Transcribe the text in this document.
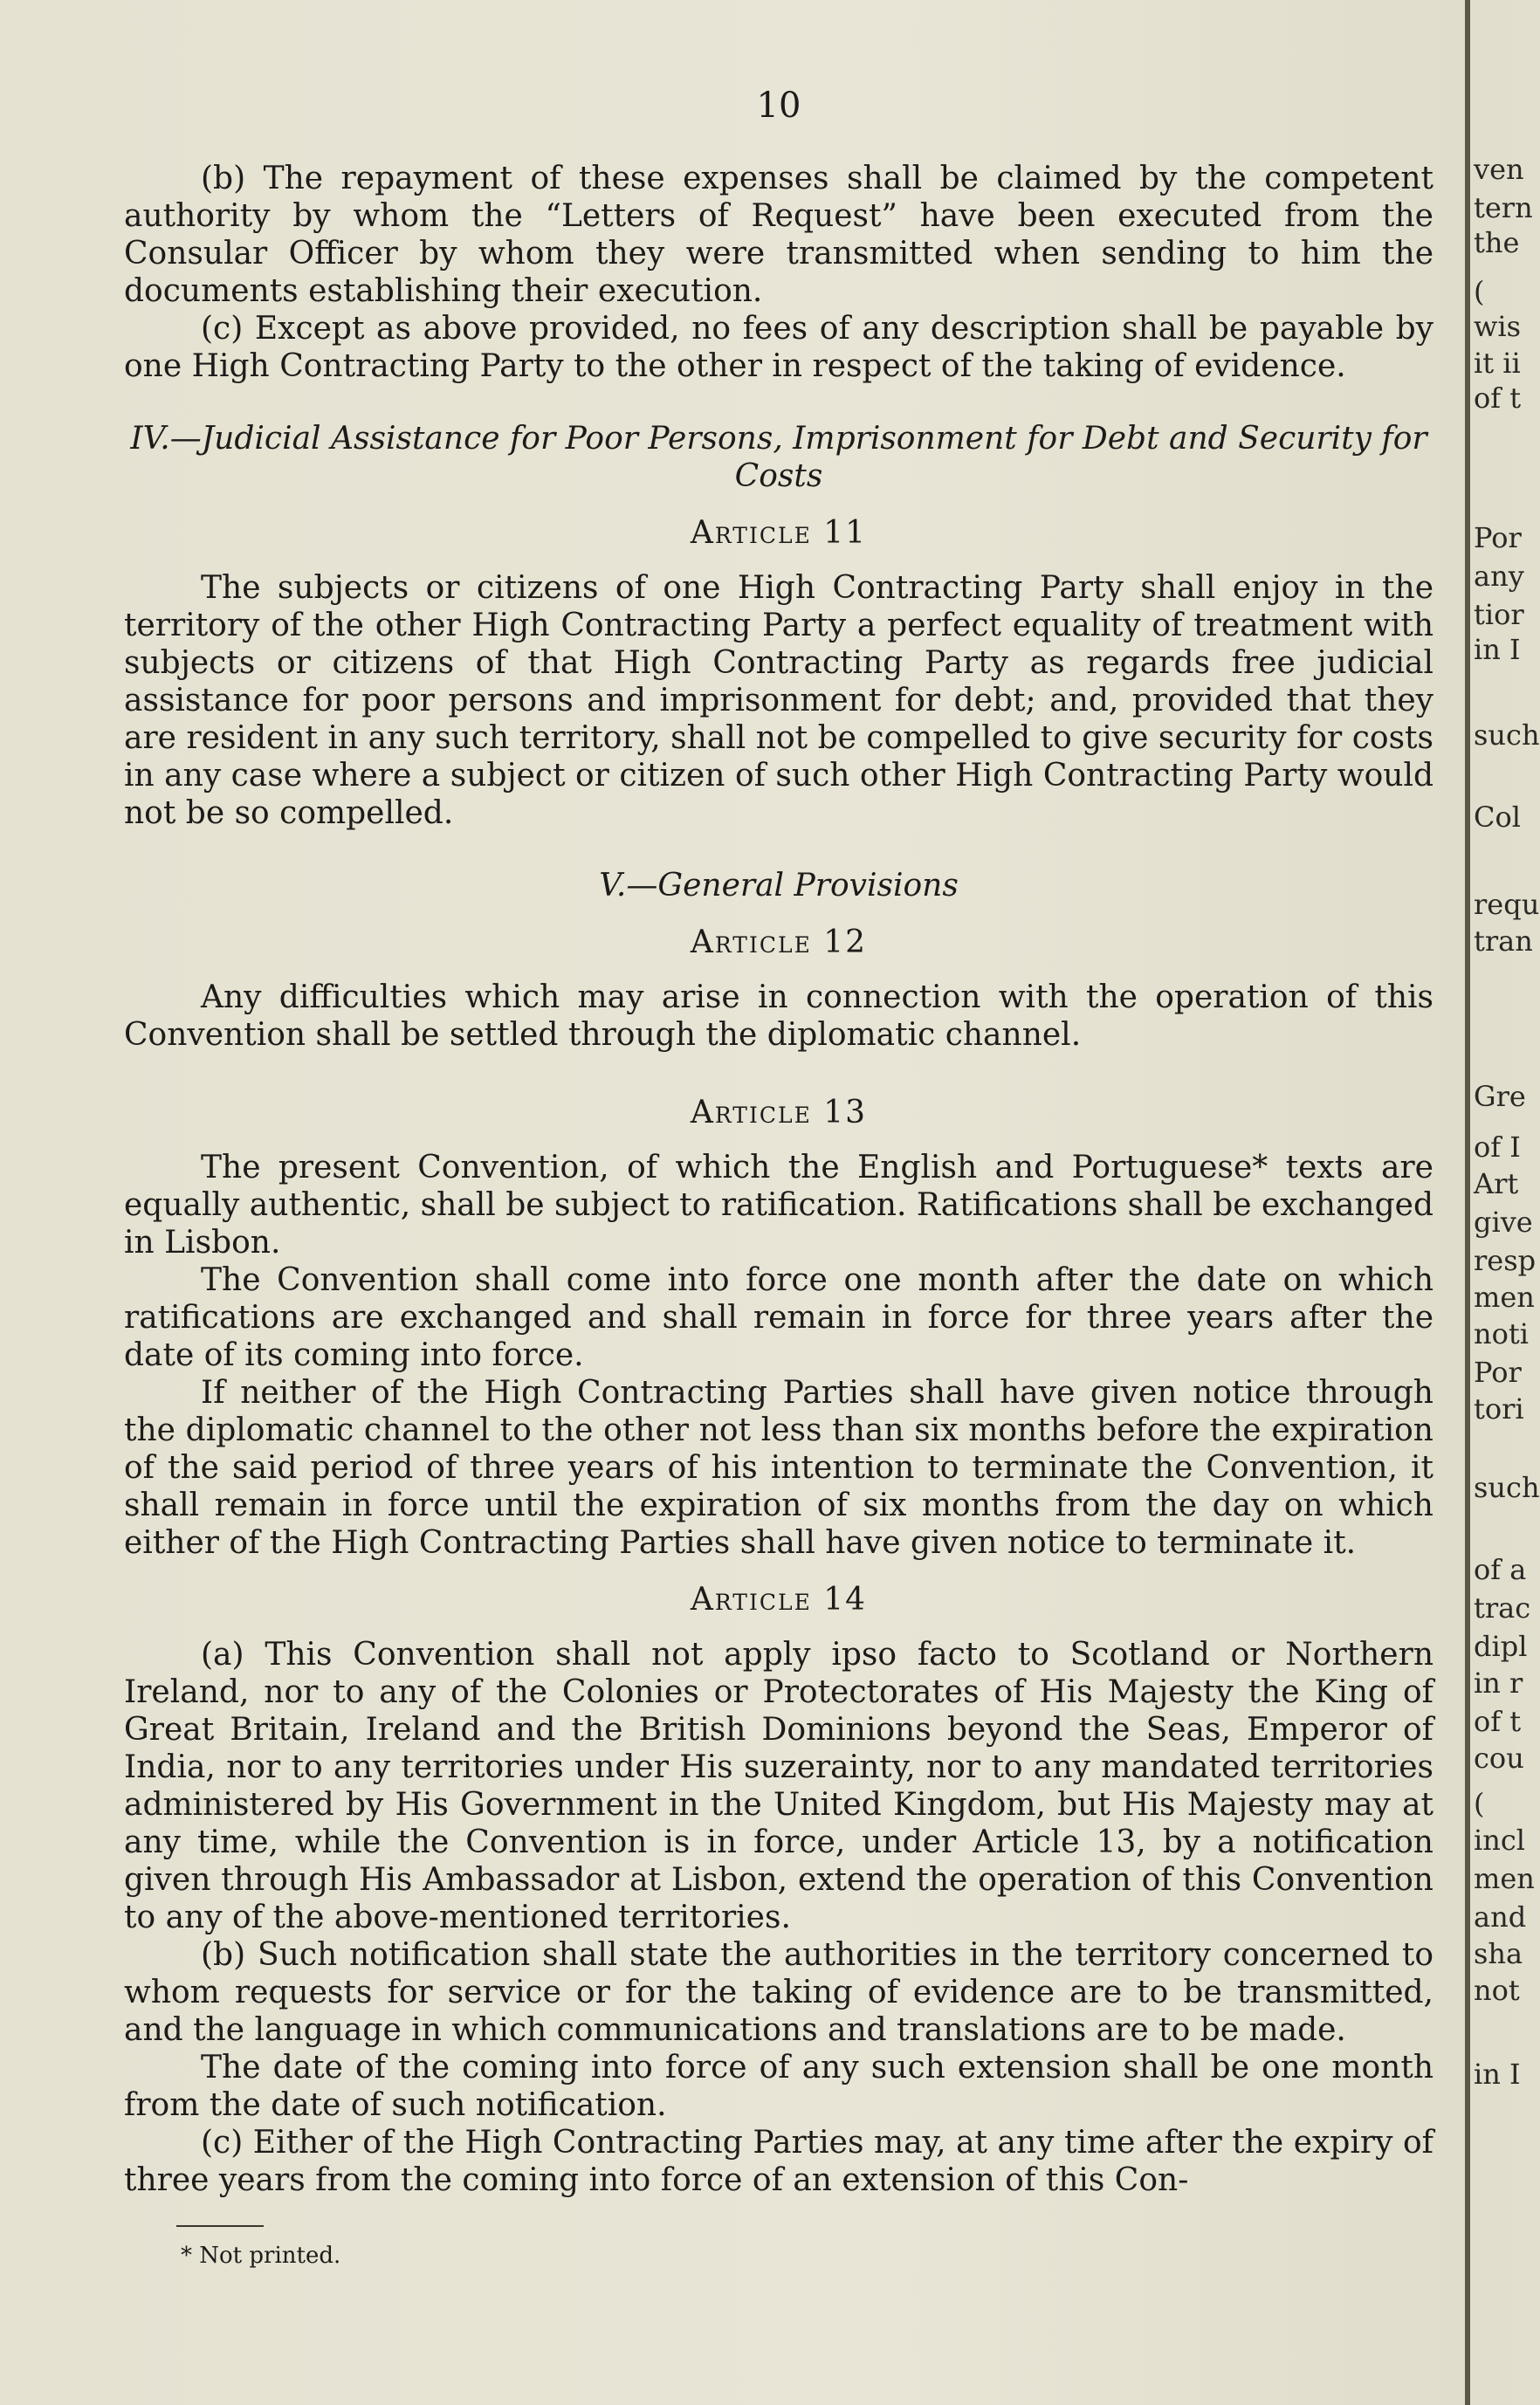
10

(b) The repayment of these expenses shall be claimed by the competent authority by whom the “Letters of Request” have been executed from the Consular Officer by whom they were transmitted when sending to him the documents establishing their execution.

(c) Except as above provided, no fees of any description shall be payable by one High Contracting Party to the other in respect of the taking of evidence.

IV.—Judicial Assistance for Poor Persons, Imprisonment for Debt and Security for Costs
Article 11

The subjects or citizens of one High Contracting Party shall enjoy in the territory of the other High Contracting Party a perfect equality of treatment with subjects or citizens of that High Contracting Party as regards free judicial assistance for poor persons and imprisonment for debt; and, provided that they are resident in any such territory, shall not be compelled to give security for costs in any case where a subject or citizen of such other High Contracting Party would not be so compelled.

V.—General Provisions
Article 12

Any difficulties which may arise in connection with the operation of this Convention shall be settled through the diplomatic channel.

Article 13

The present Convention, of which the English and Portuguese* texts are equally authentic, shall be subject to ratification. Ratifications shall be exchanged in Lisbon.

The Convention shall come into force one month after the date on which ratifications are exchanged and shall remain in force for three years after the date of its coming into force.

If neither of the High Contracting Parties shall have given notice through the diplomatic channel to the other not less than six months before the expiration of the said period of three years of his intention to terminate the Convention, it shall remain in force until the expiration of six months from the day on which either of the High Contracting Parties shall have given notice to terminate it.

Article 14

(a) This Convention shall not apply ipso facto to Scotland or Northern Ireland, nor to any of the Colonies or Protectorates of His Majesty the King of Great Britain, Ireland and the British Dominions beyond the Seas, Emperor of India, nor to any territories under His suzerainty, nor to any mandated territories administered by His Government in the United Kingdom, but His Majesty may at any time, while the Convention is in force, under Article 13, by a notification given through His Ambassador at Lisbon, extend the operation of this Convention to any of the above-mentioned territories.

(b) Such notification shall state the authorities in the territory concerned to whom requests for service or for the taking of evidence are to be transmitted, and the language in which communications and translations are to be made.

The date of the coming into force of any such extension shall be one month from the date of such notification.

(c) Either of the High Contracting Parties may, at any time after the expiry of three years from the coming into force of an extension of this Con-

* Not printed.
ven
tern
the
(
wis
it ii
of t
Por
any
tior
in I
such
Col
requ
tran
Gre
of I
Art
give
resp
men
noti
Por
tori
such
of a
trac
dipl
in r
of t
cou
(
incl
men
and
sha
not
in I
